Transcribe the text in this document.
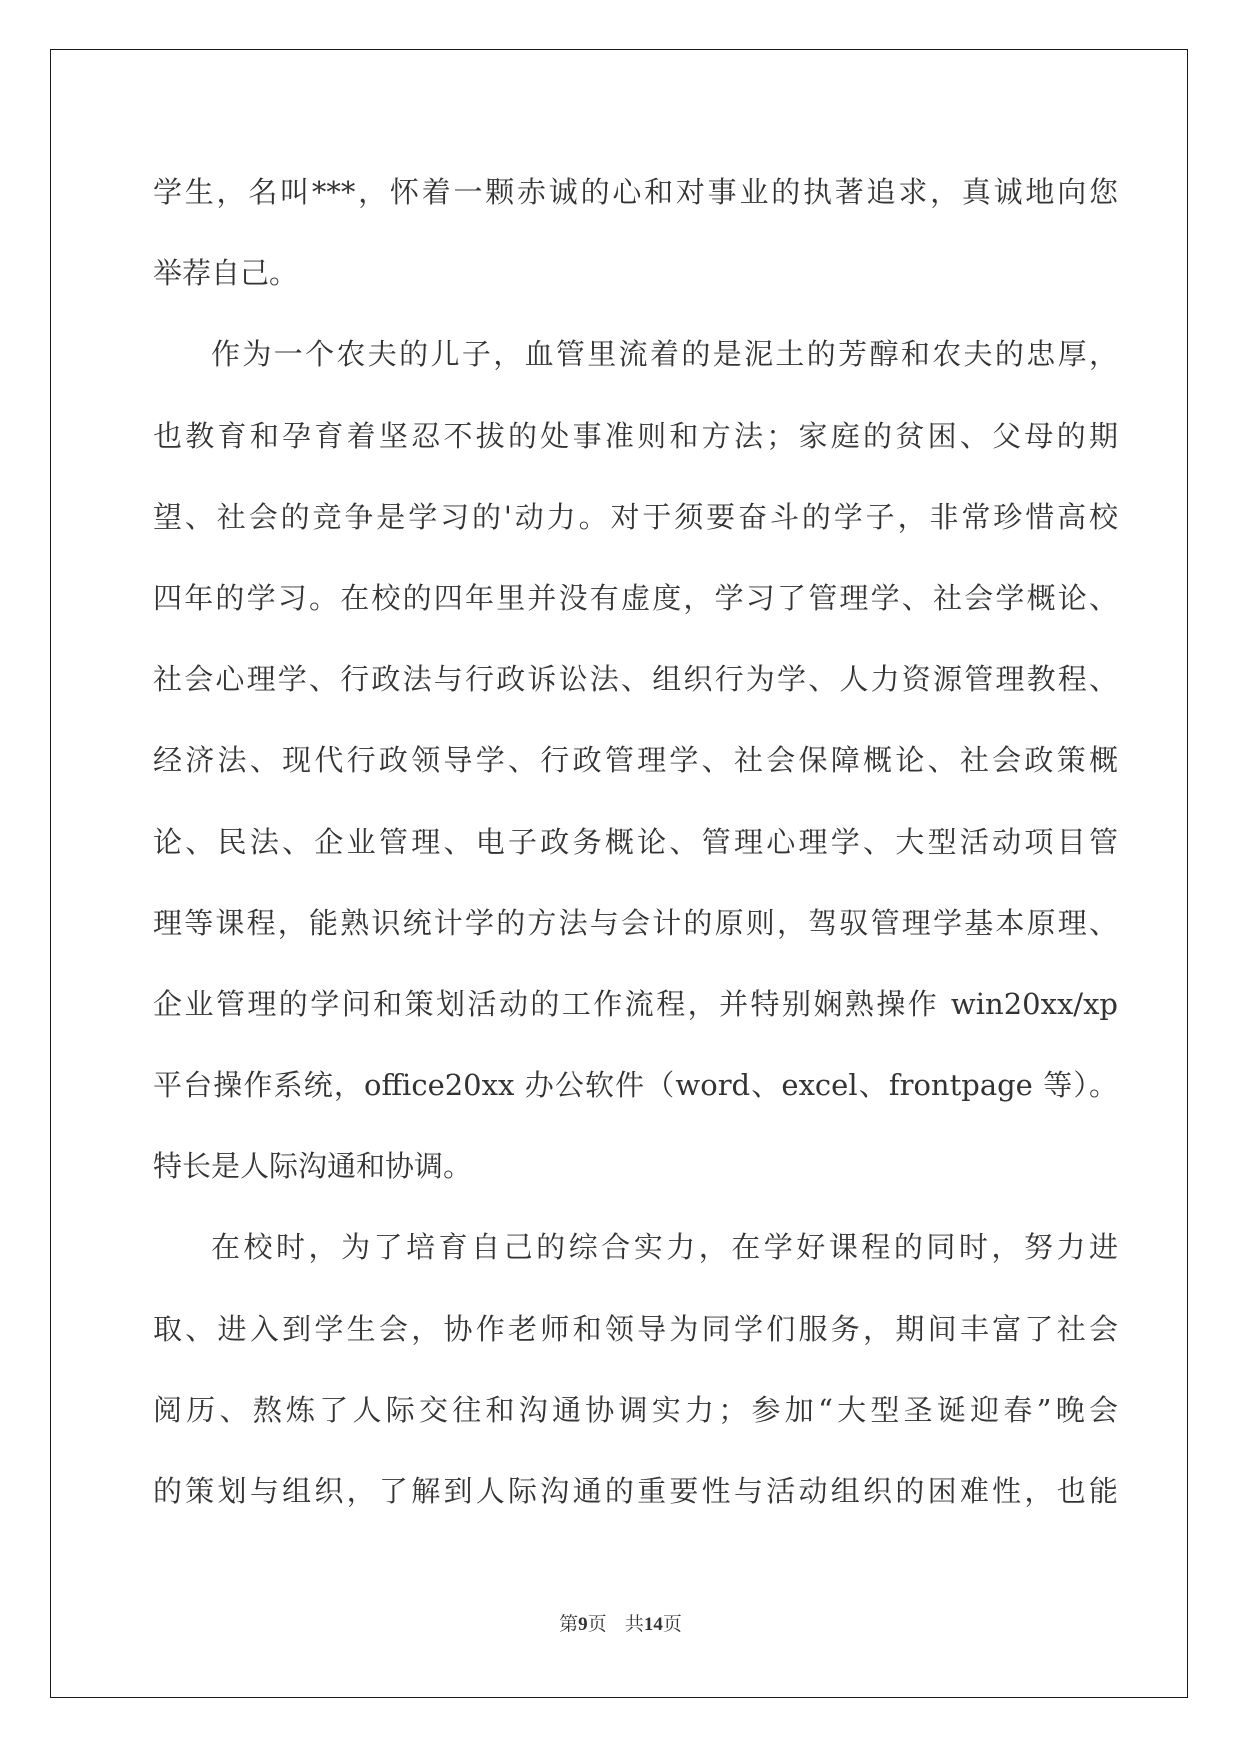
学生，名叫***，怀着一颗赤诚的心和对事业的执著追求，真诚地向您
举荐自己。
作为一个农夫的儿子，血管里流着的是泥土的芳醇和农夫的忠厚，
也教育和孕育着坚忍不拔的处事准则和方法；家庭的贫困、父母的期
望、社会的竞争是学习的'动力。对于须要奋斗的学子，非常珍惜高校
四年的学习。在校的四年里并没有虚度，学习了管理学、社会学概论、
社会心理学、行政法与行政诉讼法、组织行为学、人力资源管理教程、
经济法、现代行政领导学、行政管理学、社会保障概论、社会政策概
论、民法、企业管理、电子政务概论、管理心理学、大型活动项目管
理等课程，能熟识统计学的方法与会计的原则，驾驭管理学基本原理、
企业管理的学问和策划活动的工作流程，并特别娴熟操作 win20xx/xp
平台操作系统，office20xx 办公软件（word、excel、frontpage 等）。
特长是人际沟通和协调。
在校时，为了培育自己的综合实力，在学好课程的同时，努力进
取、进入到学生会，协作老师和领导为同学们服务，期间丰富了社会
阅历、熬炼了人际交往和沟通协调实力；参加“大型圣诞迎春”晚会
的策划与组织，了解到人际沟通的重要性与活动组织的困难性，也能
第9页 共14页
